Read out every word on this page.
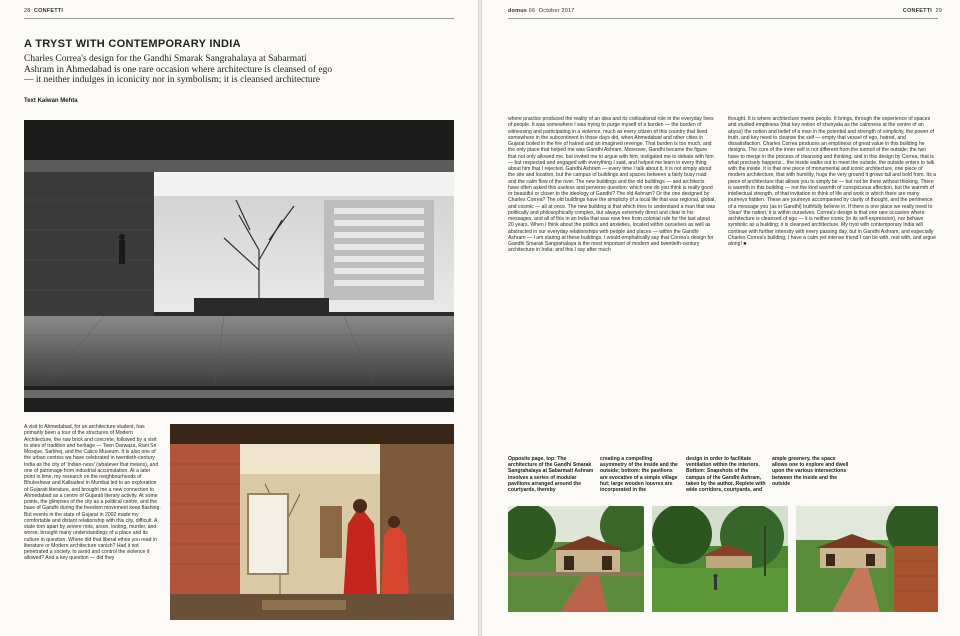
28 CONFETTI
A TRYST WITH CONTEMPORARY INDIA
Charles Correa's design for the Gandhi Smarak Sangrahalaya at Sabarmati Ashram in Ahmedabad is one rare occasion where architecture is cleansed of ego — it neither indulges in iconicity nor in symbolism; it is cleansed architecture
Text Kaiwan Mehta
A visit to Ahmedabad, for an architecture student, has primarily been a tour of the structures of Modern Architecture, the raw brick and concrete, followed by a visit to sites of tradition and heritage — Teen Darwaza, Rani Sri Mosque, Sarkhej, and the Calico Museum. It is also one of the urban centres we have celebrated in twentieth-century India as the city of 'Indian-ness' (whatever that means), and one of patronage from industrial accumulation. At a later point in time, my research on the neighbourhoods of Bhuleshwar and Kalbadevi in Mumbai led to an exploration of Gujarati literature, and brought me a new connection to Ahmedabad as a centre of Gujarati literary activity. At some points, the glimpses of the city as a political centre, and the base of Gandhi during the freedom movement keep flashing. But events in the state of Gujarat in 2002 made my comfortable and distant relationship with this city, difficult. A state torn apart by severe riots, arson, looting, murder, and worse, brought many understandings of a place and its culture in question. Where did that liberal ethos you read in literature or Modern architecture vanish? Had it not penetrated a society, to avoid and control the violence it allowed? And a key question — did they
domus 66 October 2017	CONFETTI 29
where practice produced the reality of an idea and its civilisational role in the everyday lives of people. It was somewhere I was trying to purge myself of a burden — the burden of witnessing and participating in a violence, much as every citizen of this country that lived somewhere in the subcontinent in those days did, when Ahmedabad and other cities in Gujarat boiled in the fire of hatred and an imagined revenge. That burden is too much, and the only place that helped me was Gandhi Ashram. Moreover, Gandhi became the figure that not only allowed me, but invited me to argue with him, instigated me to debate with him — but respected and engaged with everything I said, and helped me learn in every thing about him that I rejected. Gandhi Ashram — every time I talk about it, it is not simply about the site and location, but the campus of buildings and spaces between a fairly busy road and the calm flow of the river. The new buildings and the old buildings — and architects have often asked this useless and perverse question: which one do you think is really good or beautiful or closer to the ideology of Gandhi? The old Ashram? Or the one designed by Charles Correa? The old buildings have the simplicity of a local life that was regional, global, and cosmic — all at once. The new building is that which tries to understand a man that was politically and philosophically complex, but always extremely direct and clear in his messages, and all of this in an India that was now free from colonial rule for the last about 20 years. When I think about the politics and anxieties, located within ourselves as well as abstracted in our everyday relationships with people and places — within the Gandhi Ashram — I am staring at these buildings. I would emphatically say that Correa's design for Gandhi Smarak Sangrahalaya is the most important of modern and twentieth-century architecture in India; and this I say after much
thought. It is where architecture meets people. It brings, through the experience of spaces and studied emptiness (that key notion of shunyata as the calmness at the centre of an abyss) the notion and belief of a man in the potential and strength of simplicity, the power of truth, and key need to cleanse the self — empty that vessel of ego, hatred, and dissatisfaction. Charles Correa produces an emptiness of great value in this building he designs. The core of the inner self is not different from the turmoil of the outside; the two have to merge in the process of cleansing and thinking, and in this design by Correa, that is what precisely happens... the inside walks out to meet the outside, the outside enters to talk with the inside. It is that one piece of monumental and iconic architecture, one piece of modern architecture, that with humility, hugs the very ground it grows tall and bold from. Its a piece of architecture that allows you to simply be — but not be there without thinking. There is warmth in this building — not the kind warmth of conspicuous affection, but the warmth of intellectual strength, of that invitation to think of life and work in which there are many journeys hidden. These are journeys accompanied by clarity of thought, and the pertinence of a message you (as in Gandhi) truthfully believe in. If there is one place we really need to 'clean' the nation, it is within ourselves. Correa's design is that one rare occasion where architecture is cleansed of ego — it is neither iconic (in its self-expression), nor behave symbolic as a building; it is cleansed architecture. My tryst with contemporary India will continue with further intensity with every passing day, but in Gandhi Ashram, and especially Charles Correa's building, I have a calm yet intense friend I can be with, rest with, and argue along! ■
Opposite page, top: The architecture of the Gandhi Smarak Sangrahalaya at Sabarmati Ashram involves a series of modular pavilions arranged around the courtyards, thereby
creating a compelling asymmetry of the inside and the outside; bottom: the pavilions are evocative of a simple village hut; large wooden louvres are incorporated in the
design in order to facilitate ventilation within the interiors. Bottom: Snapshots of the campus of the Gandhi Ashram, taken by the author. Replete with wide corridors, courtyards, and
ample greenery, the space allows one to explore and dwell upon the various intersections between the inside and the outside
